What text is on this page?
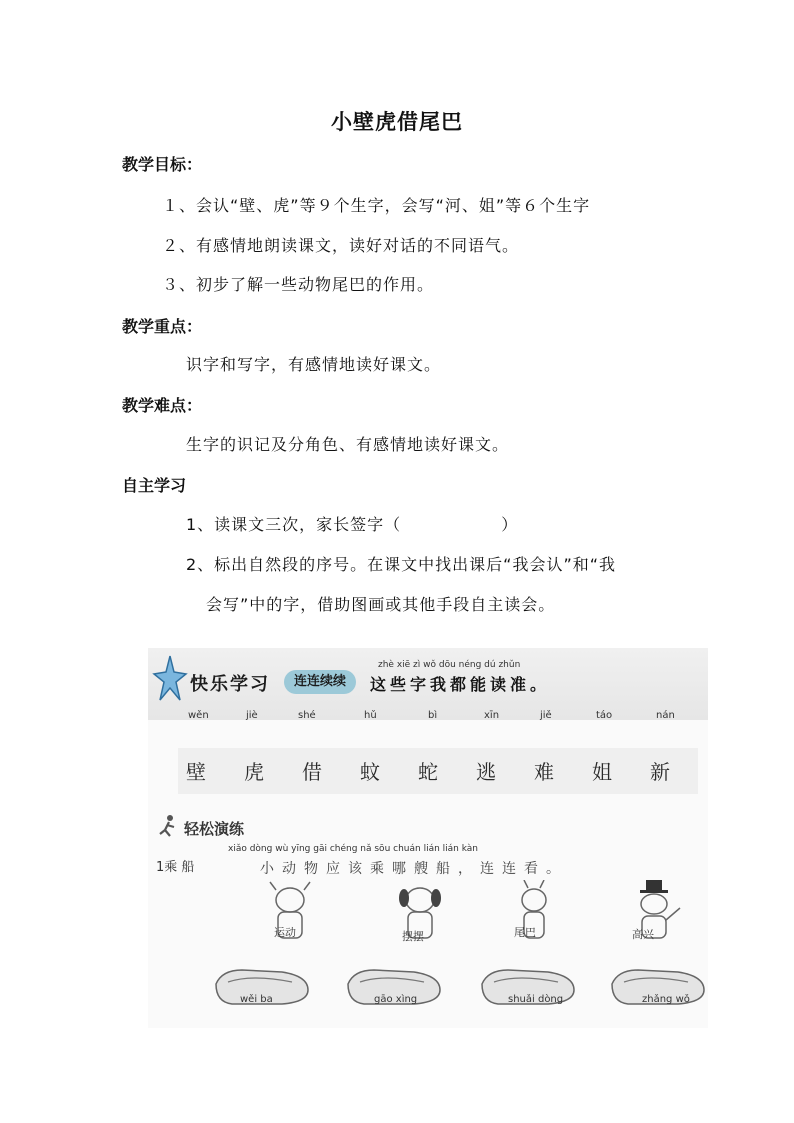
小壁虎借尾巴
教学目标：
１、会认“壁、虎”等９个生字，会写“河、姐”等６个生字
２、有感情地朗读课文，读好对话的不同语气。
３、初步了解一些动物尾巴的作用。
教学重点：
识字和写字，有感情地读好课文。
教学难点：
生字的识记及分角色、有感情地读好课文。
自主学习
1、读课文三次，家长签字（	）
2、标出自然段的序号。在课文中找出课后“我会认”和“我
会写”中的字，借助图画或其他手段自主读会。
快乐学习	连连续续
zhè xiē zì wǒ dōu néng dú zhǔn
这些字我都能读准。
wěn	jiè	shé	hǔ	bì	xīn	jiě	táo	nán
壁 虎 借 蚊 蛇 逃 难 姐 新
轻松演练
1乘 船
xiǎo dòng wù yīng gāi chéng nǎ sōu chuán lián lián kàn
小动物应该乘哪艘船，连连看。
运动	摆摆	尾巴	高兴
wěi ba	gāo xìng	shuǎi dòng	zhǎng wǒ
